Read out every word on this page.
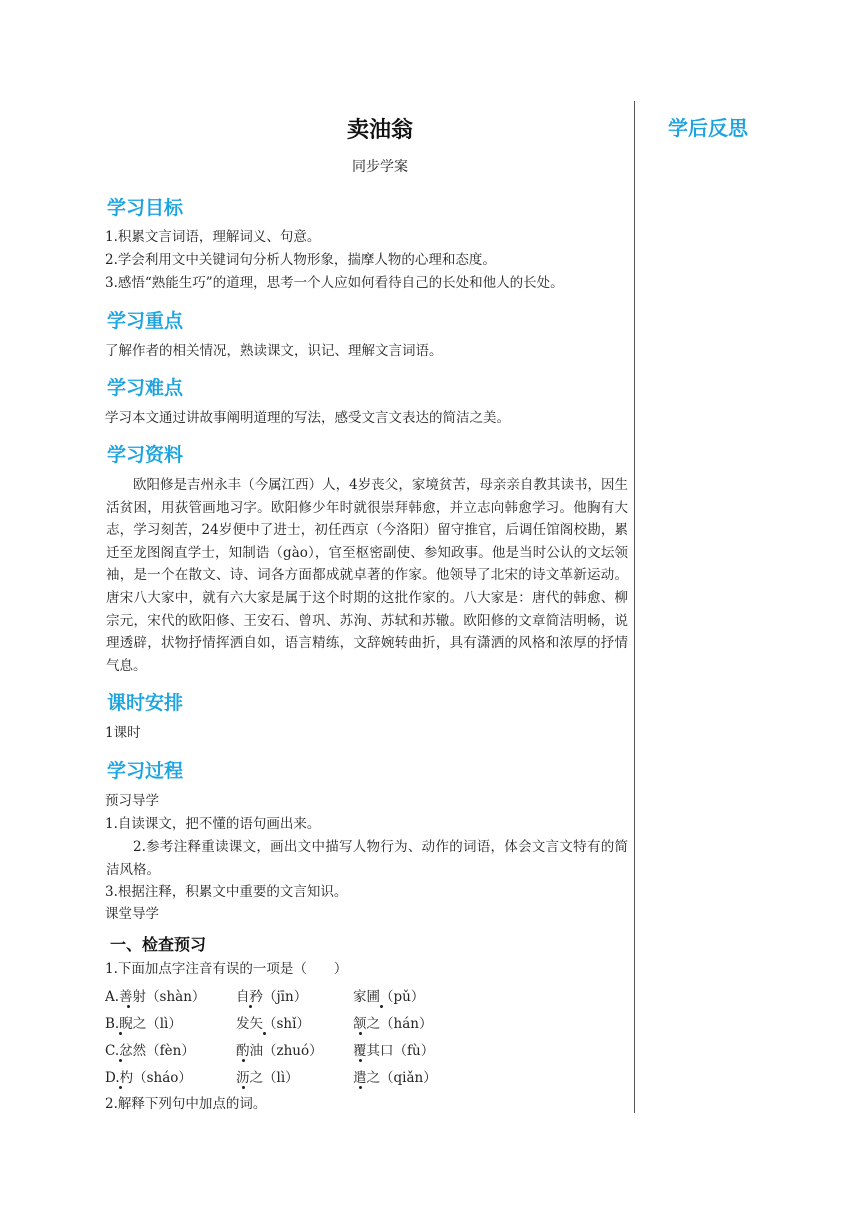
学后反思
卖油翁
同步学案
学习目标
1.积累文言词语，理解词义、句意。
2.学会利用文中关键词句分析人物形象，揣摩人物的心理和态度。
3.感悟“熟能生巧”的道理，思考一个人应如何看待自己的长处和他人的长处。
学习重点
了解作者的相关情况，熟读课文，识记、理解文言词语。
学习难点
学习本文通过讲故事阐明道理的写法，感受文言文表达的简洁之美。
学习资料
欧阳修是吉州永丰（今属江西）人，4岁丧父，家境贫苦，母亲亲自教其读书，因生活贫困，用荻管画地习字。欧阳修少年时就很崇拜韩愈，并立志向韩愈学习。他胸有大志，学习刻苦，24岁便中了进士，初任西京（今洛阳）留守推官，后调任馆阁校勘，累迁至龙图阁直学士，知制诰（gào），官至枢密副使、参知政事。他是当时公认的文坛领袖，是一个在散文、诗、词各方面都成就卓著的作家。他领导了北宋的诗文革新运动。唐宋八大家中，就有六大家是属于这个时期的这批作家的。八大家是：唐代的韩愈、柳宗元，宋代的欧阳修、王安石、曾巩、苏洵、苏轼和苏辙。欧阳修的文章简洁明畅，说理透辟，状物抒情挥洒自如，语言精练，文辞婉转曲折，具有潇洒的风格和浓厚的抒情气息。
课时安排
1课时
学习过程
预习导学
1.自读课文，把不懂的语句画出来。
2.参考注释重读课文，画出文中描写人物行为、动作的词语，体会文言文特有的简洁风格。
3.根据注释，积累文中重要的文言知识。
课堂导学
一、检查预习
1.下面加点字注音有误的一项是（　　）
A.善射（shàn） 自矜（jīn）	家圃（pǔ）
B.睨之（lì）	发矢（shǐ）	颔之（hán）
C.忿然（fèn）	酌油（zhuó） 覆其口（fù）
D.杓（sháo）	沥之（lì）	遣之（qiǎn）
2.解释下列句中加点的词。
